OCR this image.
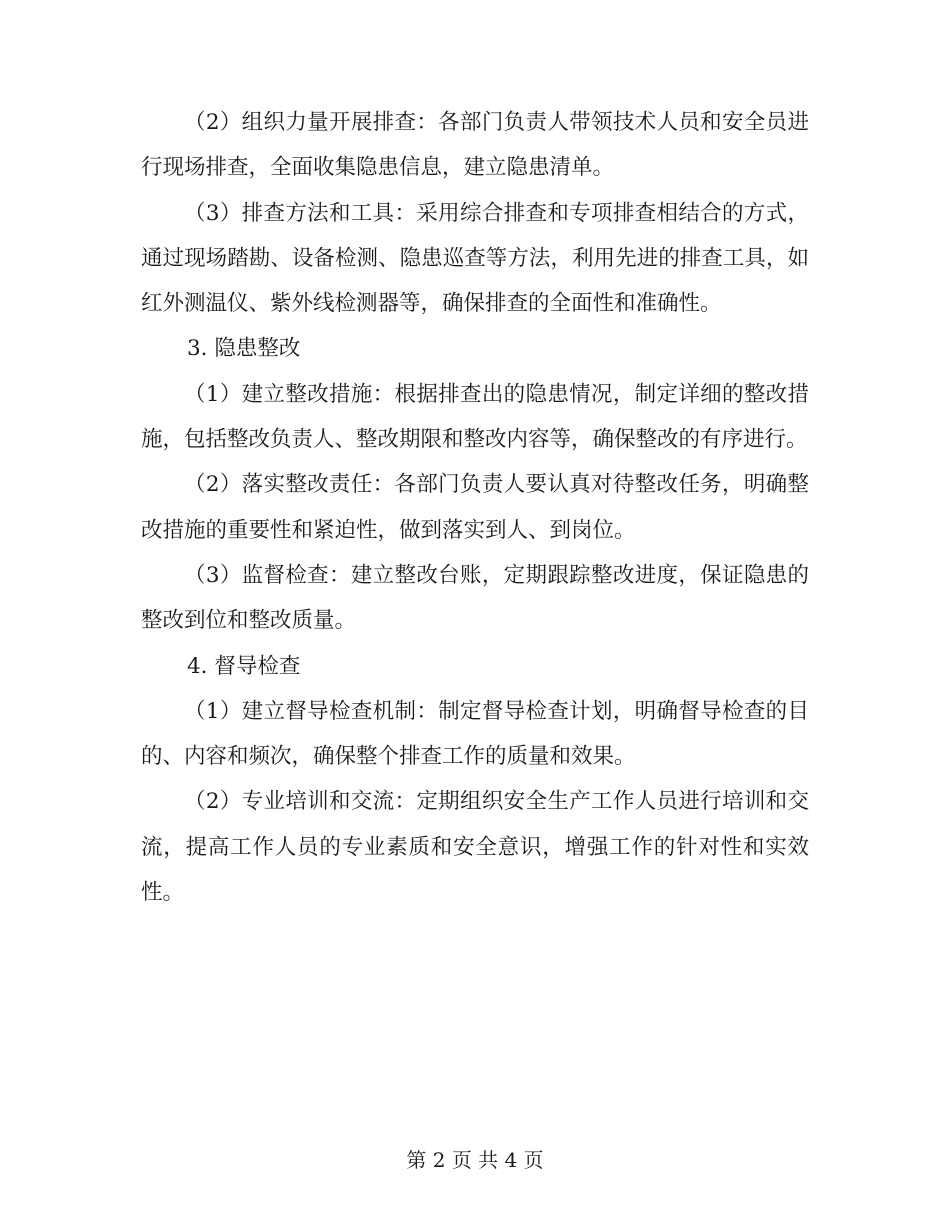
（2）组织力量开展排查：各部门负责人带领技术人员和安全员进行现场排查，全面收集隐患信息，建立隐患清单。

（3）排查方法和工具：采用综合排查和专项排查相结合的方式，通过现场踏勘、设备检测、隐患巡查等方法，利用先进的排查工具，如红外测温仪、紫外线检测器等，确保排查的全面性和准确性。

3. 隐患整改

（1）建立整改措施：根据排查出的隐患情况，制定详细的整改措施，包括整改负责人、整改期限和整改内容等，确保整改的有序进行。

（2）落实整改责任：各部门负责人要认真对待整改任务，明确整改措施的重要性和紧迫性，做到落实到人、到岗位。

（3）监督检查：建立整改台账，定期跟踪整改进度，保证隐患的整改到位和整改质量。

4. 督导检查

（1）建立督导检查机制：制定督导检查计划，明确督导检查的目的、内容和频次，确保整个排查工作的质量和效果。

（2）专业培训和交流：定期组织安全生产工作人员进行培训和交流，提高工作人员的专业素质和安全意识，增强工作的针对性和实效性。

第 2 页 共 4 页
